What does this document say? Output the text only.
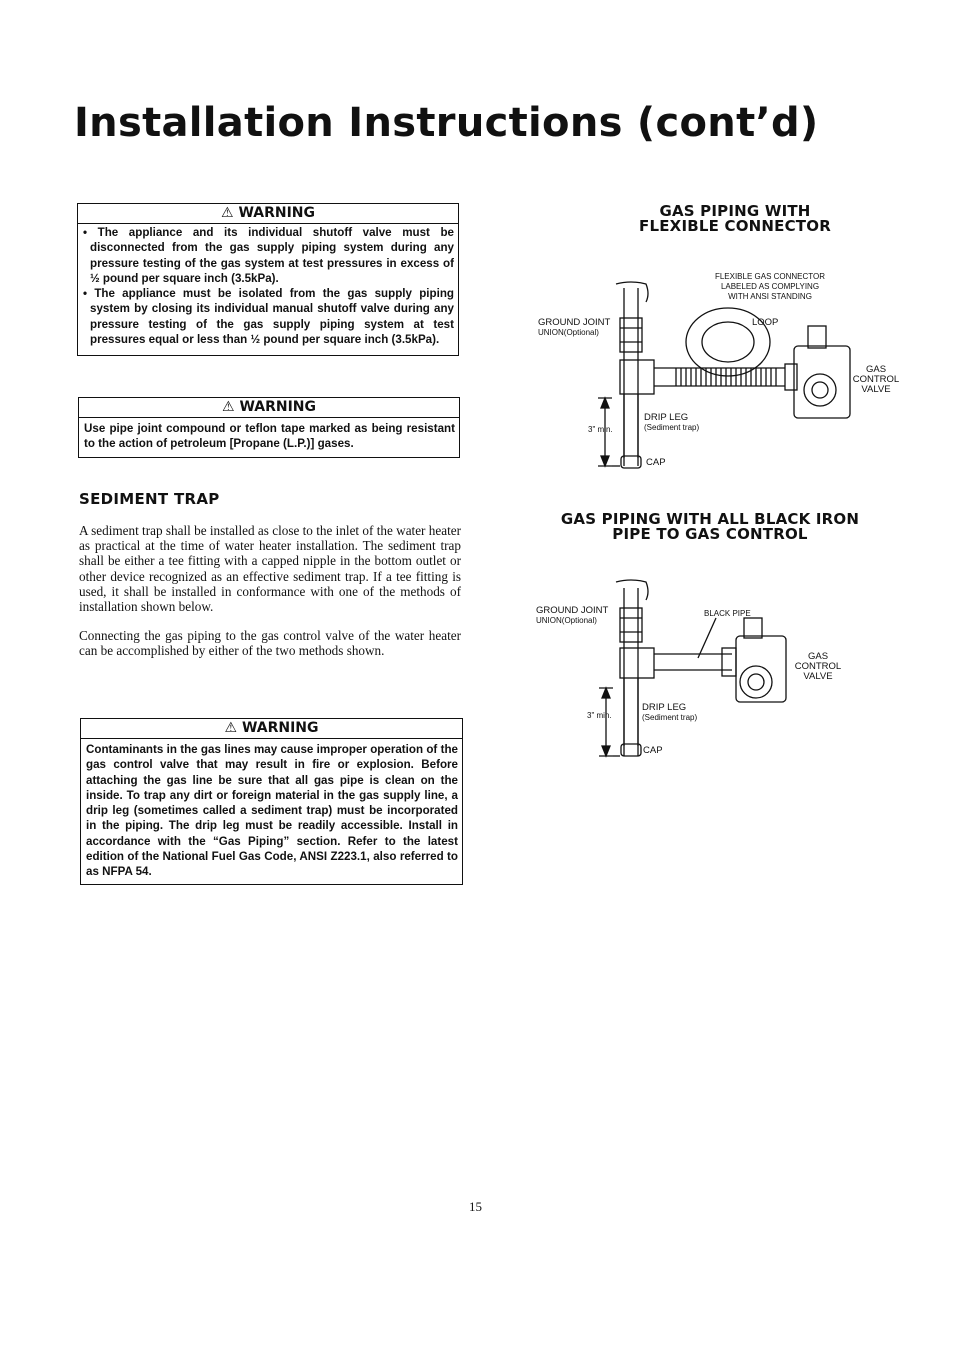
Installation Instructions (cont’d)
⚠ WARNING

• The appliance and its individual shutoff valve must be disconnected from the gas supply piping system during any pressure testing of the gas system at test pressures in excess of ½ pound per square inch (3.5kPa).

• The appliance must be isolated from the gas supply piping system by closing its individual manual shutoff valve during any pressure testing of the gas supply piping system at test pressures equal or less than ½ pound per square inch (3.5kPa).

⚠ WARNING

Use pipe joint compound or teflon tape marked as being resistant to the action of petroleum [Propane (L.P.)] gases.

SEDIMENT TRAP

A sediment trap shall be installed as close to the inlet of the water heater as practical at the time of water heater installation. The sediment trap shall be either a tee fitting with a capped nipple in the bottom outlet or other device recognized as an effective sediment trap. If a tee fitting is used, it shall be installed in conformance with one of the methods of installation shown below.

Connecting the gas piping to the gas control valve of the water heater can be accomplished by either of the two methods shown.

⚠ WARNING

Contaminants in the gas lines may cause improper operation of the gas control valve that may result in fire or explosion. Before attaching the gas line be sure that all gas pipe is clean on the inside. To trap any dirt or foreign material in the gas supply line, a drip leg (sometimes called a sediment trap) must be incorporated in the piping. The drip leg must be readily accessible. Install in accordance with the “Gas Piping” section. Refer to the latest edition of the National Fuel Gas Code, ANSI Z223.1, also referred to as NFPA 54.

GAS PIPING WITH
FLEXIBLE CONNECTOR
FLEXIBLE GAS CONNECTOR
LABELED AS COMPLYING
WITH ANSI STANDING
LOOP
GROUND JOINT
UNION(Optional)
GAS
CONTROL
VALVE
DRIP LEG
(Sediment trap)
3" min.
CAP
GAS PIPING WITH ALL BLACK IRON
PIPE TO GAS CONTROL
GROUND JOINT
UNION(Optional)
BLACK PIPE
GAS
CONTROL
VALVE
DRIP LEG
(Sediment trap)
3" min.
CAP
15
